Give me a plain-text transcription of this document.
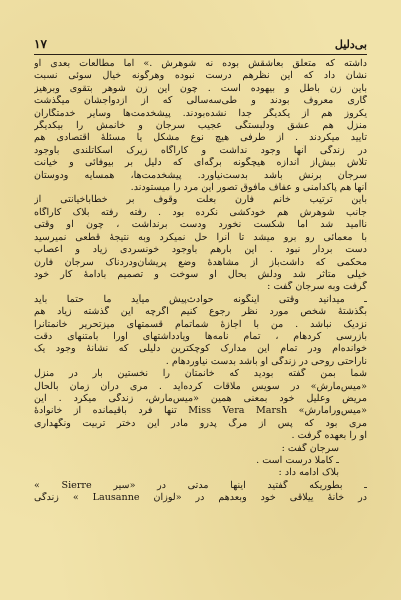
۱۷	بی‌دلیل
داشته که متعلق بعاشقش بوده نه شوهرش .» اما مطالعات بعدی او
نشان داد که این نظرهم درست نبوده وهرگونه خیال سوئی نسبت
باین زن باطل و بیهوده است . چون این زن شوهر بتقوی وبرهیز
گاری معروف بودند و طی‌سه‌سالی که از ازدواجشان میگذشت
یکروز هم از یکدیگر جدا نشده‌بودند. پیشخدمت‌ها وسایر خدمتگاران
منزل هم عشق ودلبستگی عجیب سرجان و خانمش را بیکدیگر
تایید میکردند . از طرفی هیچ نوع مشکل یا مسئلهٔ اقتصادی هم
در زندگی آنها وجود نداشت و کاراگاه زیرک اسکاتلندی باوجود
تلاش بیش‌از اندازه هیچگونه برگه‌ای که دلیل بر بیوفائی و خیانت
سرجان برنش باشد بدست‌نیاورد. پیشخدمت‌ها، همسایه ودوستان
آنها هم پاکدامنی و عفاف مافوق تصور این مرد را میستودند.
باین ترتیب خانم فارن بعلت وقوف بر خطاباخیانتی از
جانب شوهرش هم خودکشی نکرده بود . رفته رفته بلاک کاراگاه
ناامید شد اما شکست نخورد ودست برنداشت ، چون او وقتی
با معمائی رو برو میشد تا آنرا حل نمیکرد وبه نتیجهٔ قطعی نمیرسید
دست بردار نبود . این بارهم باوجود خونسردی زیاد و اعصاب
محکمی که داشت‌باز از مشاهدهٔ وضع پریشان‌ودردناک سرجان فارن
خیلی متاثر شد ودلش بحال او سوخت و تصمیم بادامهٔ کار خود
گرفت وبه سرجان گفت :
ـ میدانید وقتی اینگونه حوادث‌پیش میآید ما حتما باید
بگذشتهٔ شخص مورد نظر رجوع کنیم اگرچه این گذشته زیاد هم
نزدیک نباشد . من با اجازهٔ شماتمام قسمتهای میزتحریر خانمتانرا
بازرسی کردهام ، تمام نامه‌ها ویادداشتهای اورا بامتنهای دقت
خوانده‌ام ودر تمام این مدارک کوچکترین دلیلی که نشانهٔ وجود یک
ناراحتی روحی در زندگی او باشد بدست نیاوردهام .
شما بمن گفته بودید که خانمتان را نخستین بار در منزل
«میس‌مارش» در سویس ملاقات کرده‌اید . مری درآن زمان بالحال
مریض وعلیل خود بمعنی همین «میس‌مارش، زندگی میکرد . این
«میس‌وراما‌رش» Miss Vera Marsh تنها فرد باقیمانده از خانوادهٔ
مری بود که پس از مرگ پدرو مادر این دختر تربیت ونگهداری
او را بعهده گرفت .
سرجان گفت :
ـ کاملا درست است .
بلاک ادامه داد :
ـ بطوریکه گفتید اینها مدتی در «سیر Sierre »
در خانهٔ ییلاقی خود وبعدهم در «لوزان Lausanne » زندگی
